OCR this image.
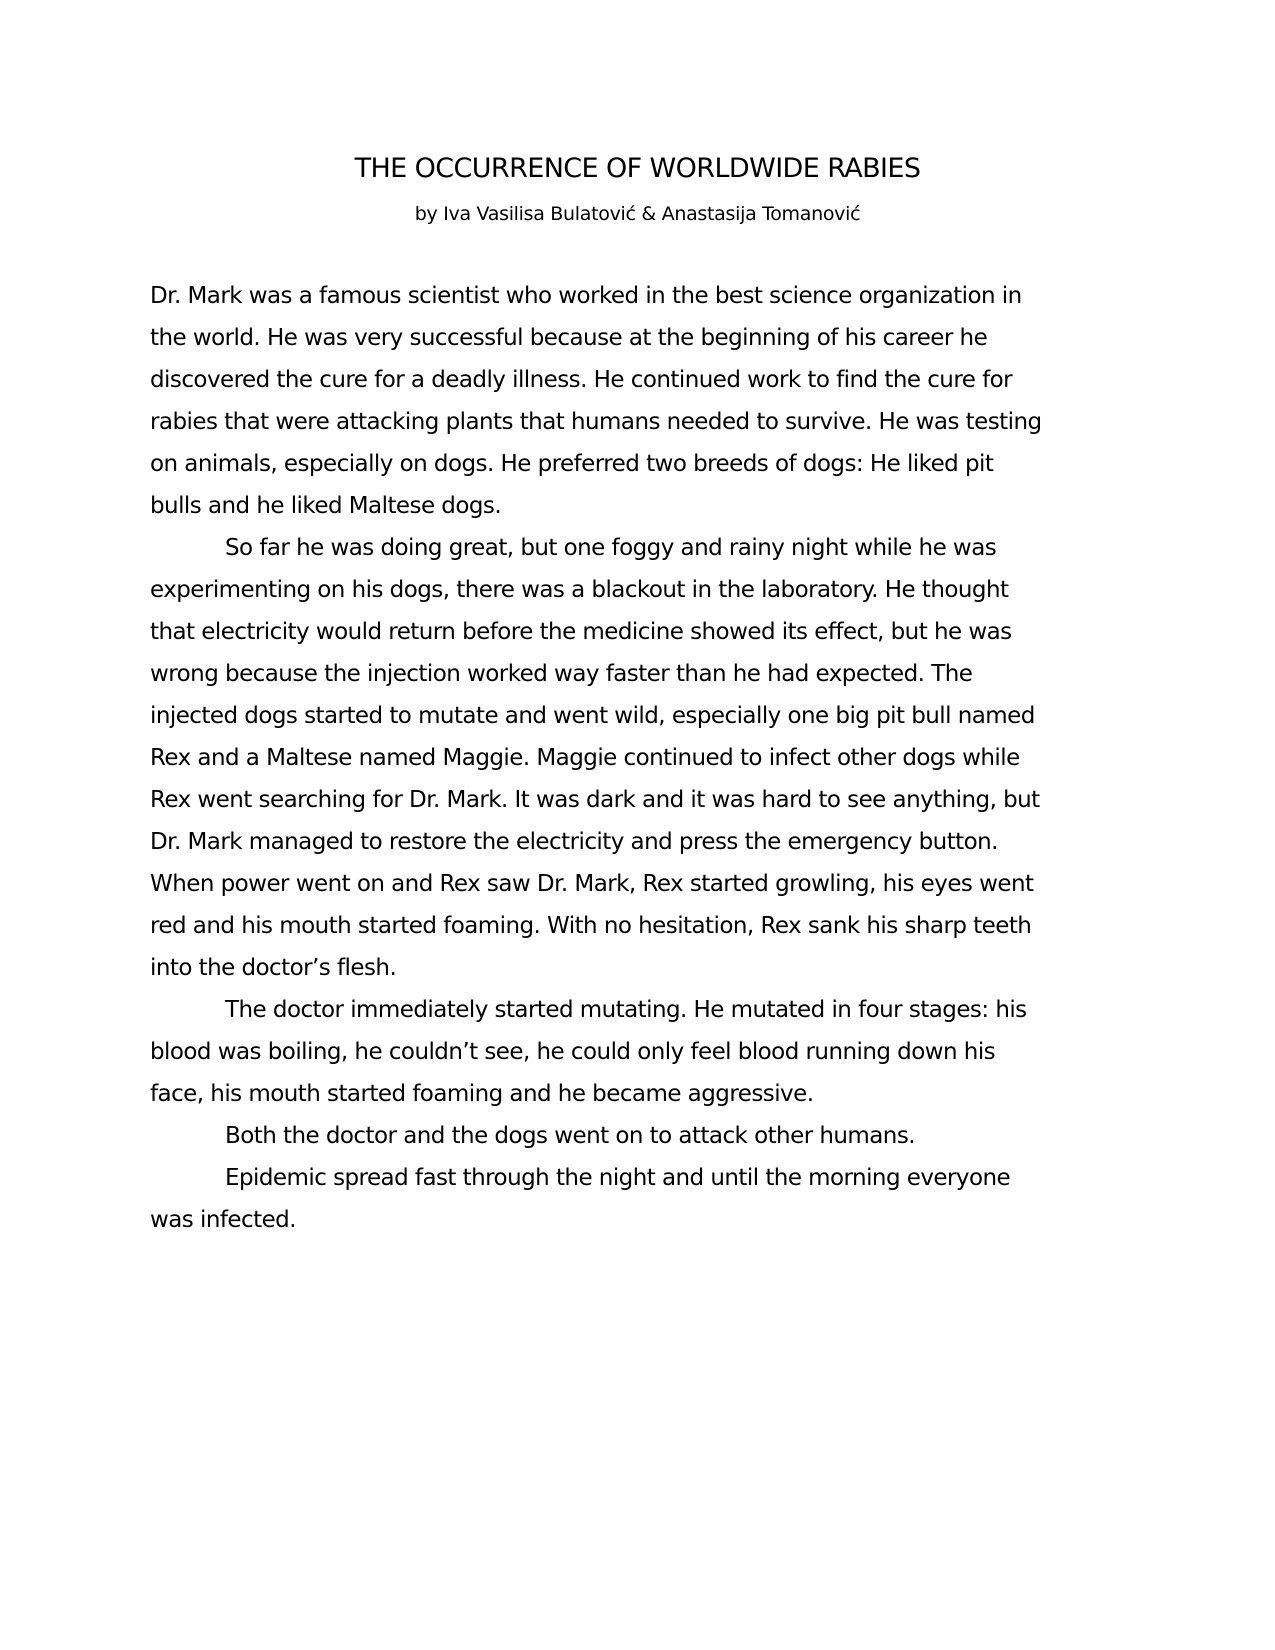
THE OCCURRENCE OF WORLDWIDE RABIES
by Iva Vasilisa Bulatović & Anastasija Tomanović
Dr. Mark was a famous scientist who worked in the best science organization in
the world. He was very successful because at the beginning of his career he
discovered the cure for a deadly illness. He continued work to find the cure for
rabies that were attacking plants that humans needed to survive. He was testing
on animals, especially on dogs. He preferred two breeds of dogs: He liked pit
bulls and he liked Maltese dogs.
So far he was doing great, but one foggy and rainy night while he was
experimenting on his dogs, there was a blackout in the laboratory. He thought
that electricity would return before the medicine showed its effect, but he was
wrong because the injection worked way faster than he had expected. The
injected dogs started to mutate and went wild, especially one big pit bull named
Rex and a Maltese named Maggie. Maggie continued to infect other dogs while
Rex went searching for Dr. Mark. It was dark and it was hard to see anything, but
Dr. Mark managed to restore the electricity and press the emergency button.
When power went on and Rex saw Dr. Mark, Rex started growling, his eyes went
red and his mouth started foaming. With no hesitation, Rex sank his sharp teeth
into the doctor’s flesh.
The doctor immediately started mutating. He mutated in four stages: his
blood was boiling, he couldn’t see, he could only feel blood running down his
face, his mouth started foaming and he became aggressive.
Both the doctor and the dogs went on to attack other humans.
Epidemic spread fast through the night and until the morning everyone
was infected.
